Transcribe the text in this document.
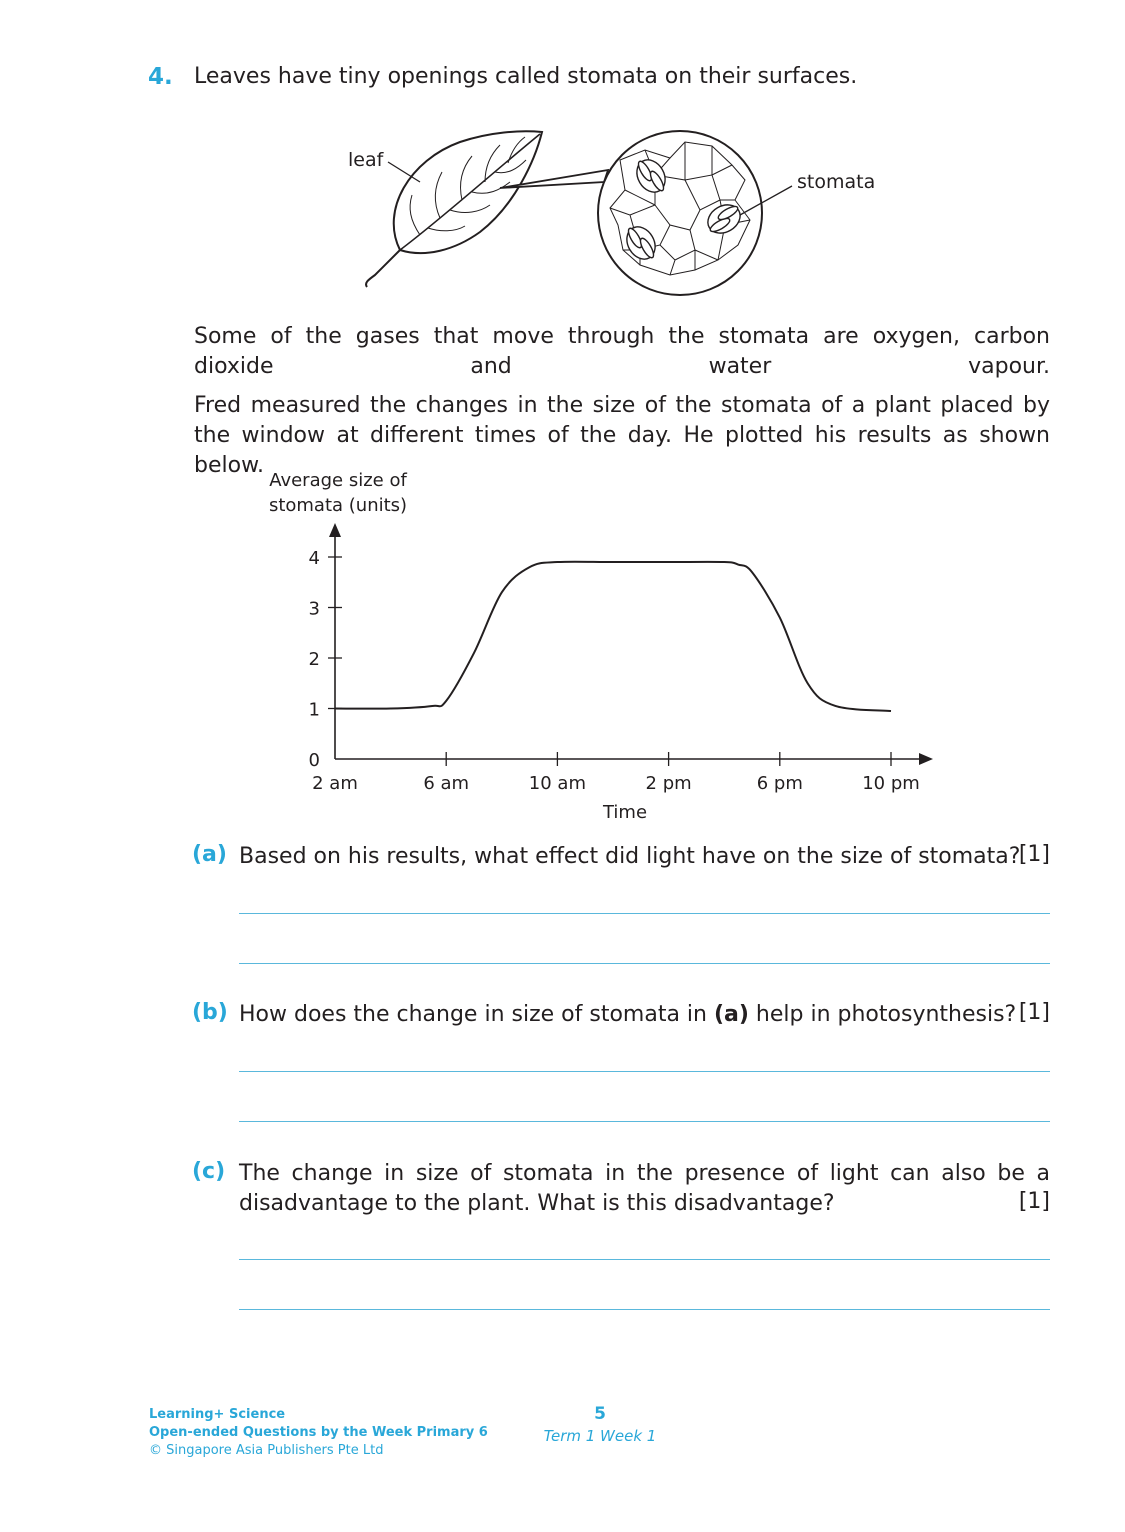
4. Leaves have tiny openings called stomata on their surfaces.
leaf
stomata
Some of the gases that move through the stomata are oxygen, carbon dioxide and water vapour.
Fred measured the changes in the size of the stomata of a plant placed by the window at different times of the day. He plotted his results as shown below.
Average size of
stomata (units)
0
1
2
3
4
2 am	6 am	10 am	2 pm	6 pm	10 pm
Time
(a) Based on his results, what effect did light have on the size of stomata?
[1]
(b) How does the change in size of stomata in (a) help in photosynthesis? [1]
(c) The change in size of stomata in the presence of light can also be a
disadvantage to the plant. What is this disadvantage?	[1]
Learning+ Science
Open-ended Questions by the Week Primary 6
© Singapore Asia Publishers Pte Ltd
5
Term 1 Week 1
